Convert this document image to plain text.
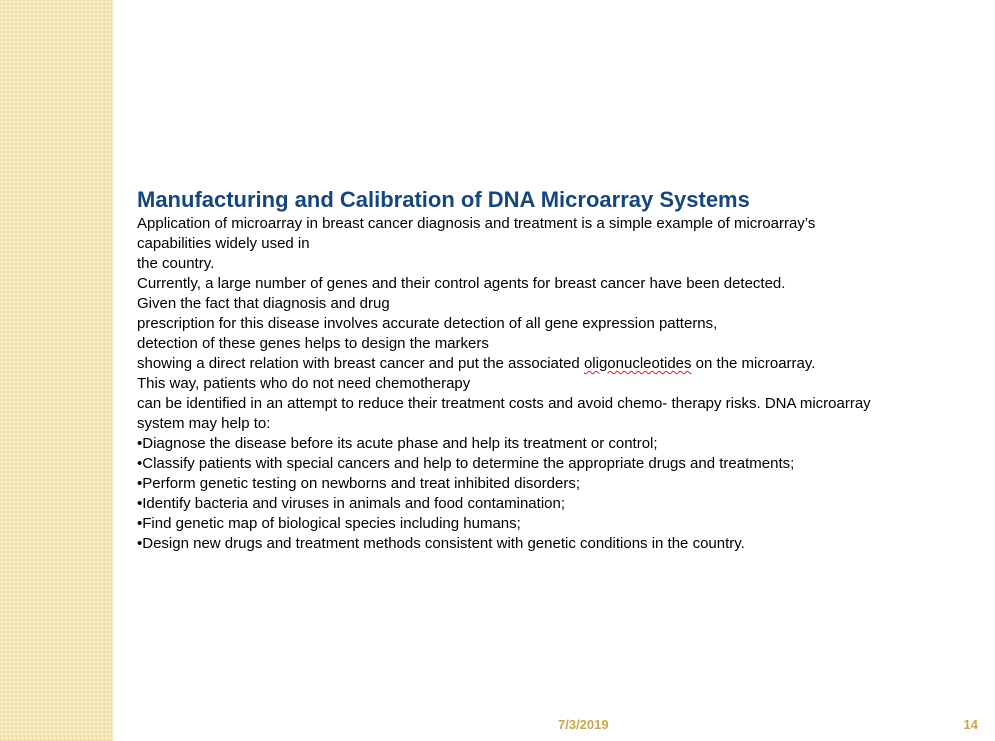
Manufacturing and Calibration of DNA Microarray Systems
Application of microarray in breast cancer diagnosis and treatment is a simple example of microarray’s
capabilities widely used in
the country.
Currently, a large number of genes and their control agents for breast cancer have been detected.
Given the fact that diagnosis and drug
prescription for this disease involves accurate detection of all gene expression patterns,
detection of these genes helps to design the markers
showing a direct relation with breast cancer and put the associated oligonucleotides on the microarray.
This way, patients who do not need chemotherapy
can be identified in an attempt to reduce their treatment costs and avoid chemo- therapy risks. DNA microarray
system may help to:
•Diagnose the disease before its acute phase and help its treatment or control;
•Classify patients with special cancers and help to determine the appropriate drugs and treatments;
•Perform genetic testing on newborns and treat inhibited disorders;
•Identify bacteria and viruses in animals and food contamination;
•Find genetic map of biological species including humans;
•Design new drugs and treatment methods consistent with genetic conditions in the country.
7/3/2019	14
